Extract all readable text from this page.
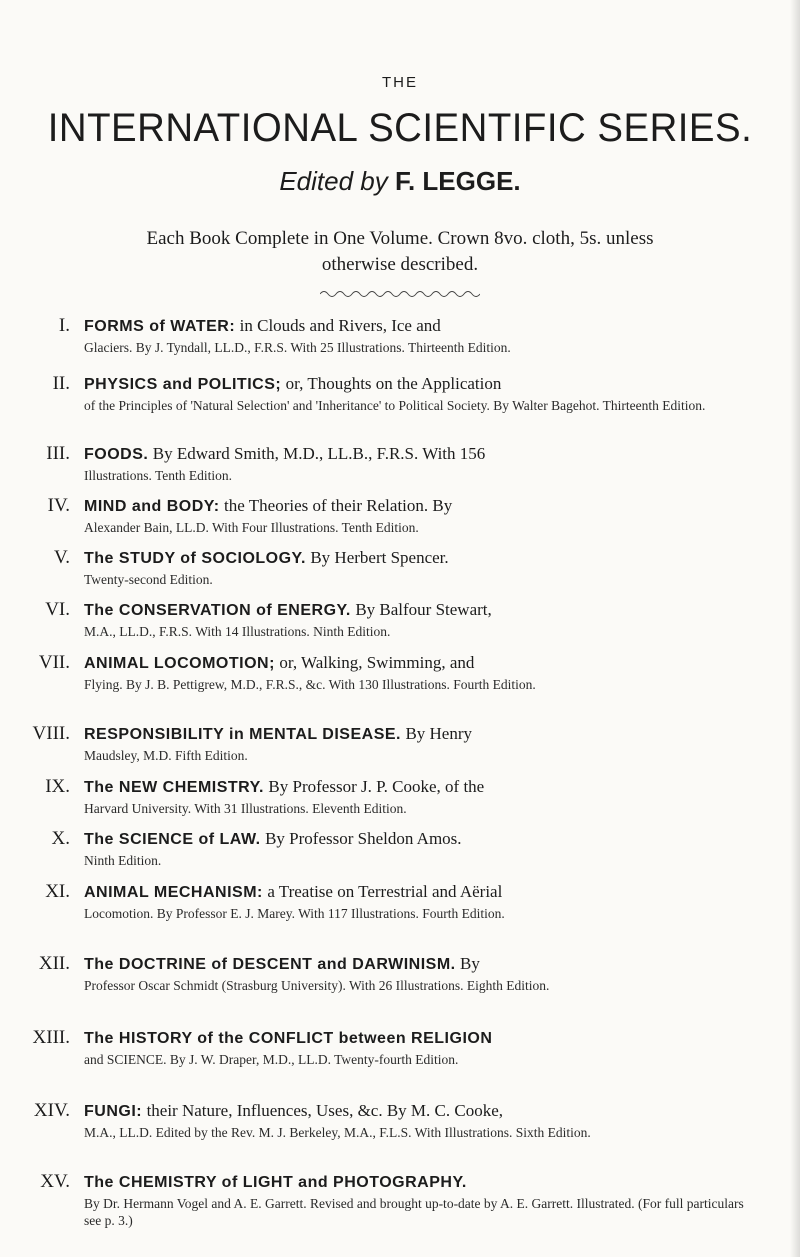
THE
INTERNATIONAL SCIENTIFIC SERIES.
Edited by F. LEGGE.
Each Book Complete in One Volume. Crown 8vo. cloth, 5s. unless otherwise described.
I. FORMS of WATER: in Clouds and Rivers, Ice and
Glaciers. By J. Tyndall, LL.D., F.R.S. With 25 Illustrations. Thirteenth Edition.
II. PHYSICS and POLITICS; or, Thoughts on the Application
of the Principles of 'Natural Selection' and 'Inheritance' to Political Society. By Walter Bagehot. Thirteenth Edition.
III. FOODS. By Edward Smith, M.D., LL.B., F.R.S. With 156
Illustrations. Tenth Edition.
IV. MIND and BODY: the Theories of their Relation. By
Alexander Bain, LL.D. With Four Illustrations. Tenth Edition.
V. The STUDY of SOCIOLOGY. By Herbert Spencer.
Twenty-second Edition.
VI. The CONSERVATION of ENERGY. By Balfour Stewart,
M.A., LL.D., F.R.S. With 14 Illustrations. Ninth Edition.
VII. ANIMAL LOCOMOTION; or, Walking, Swimming, and
Flying. By J. B. Pettigrew, M.D., F.R.S., &c. With 130 Illustrations. Fourth Edition.
VIII. RESPONSIBILITY in MENTAL DISEASE. By Henry
Maudsley, M.D. Fifth Edition.
IX. The NEW CHEMISTRY. By Professor J. P. Cooke, of the
Harvard University. With 31 Illustrations. Eleventh Edition.
X. The SCIENCE of LAW. By Professor Sheldon Amos.
Ninth Edition.
XI. ANIMAL MECHANISM: a Treatise on Terrestrial and Aërial
Locomotion. By Professor E. J. Marey. With 117 Illustrations. Fourth Edition.
XII. The DOCTRINE of DESCENT and DARWINISM. By
Professor Oscar Schmidt (Strasburg University). With 26 Illustrations. Eighth Edition.
XIII. The HISTORY of the CONFLICT between RELIGION
and SCIENCE. By J. W. Draper, M.D., LL.D. Twenty-fourth Edition.
XIV. FUNGI: their Nature, Influences, Uses, &c. By M. C. Cooke,
M.A., LL.D. Edited by the Rev. M. J. Berkeley, M.A., F.L.S. With Illustrations. Sixth Edition.
XV. The CHEMISTRY of LIGHT and PHOTOGRAPHY.
By Dr. Hermann Vogel and A. E. Garrett. Revised and brought up-to-date by A. E. Garrett. Illustrated. (For full particulars see p. 3.)
